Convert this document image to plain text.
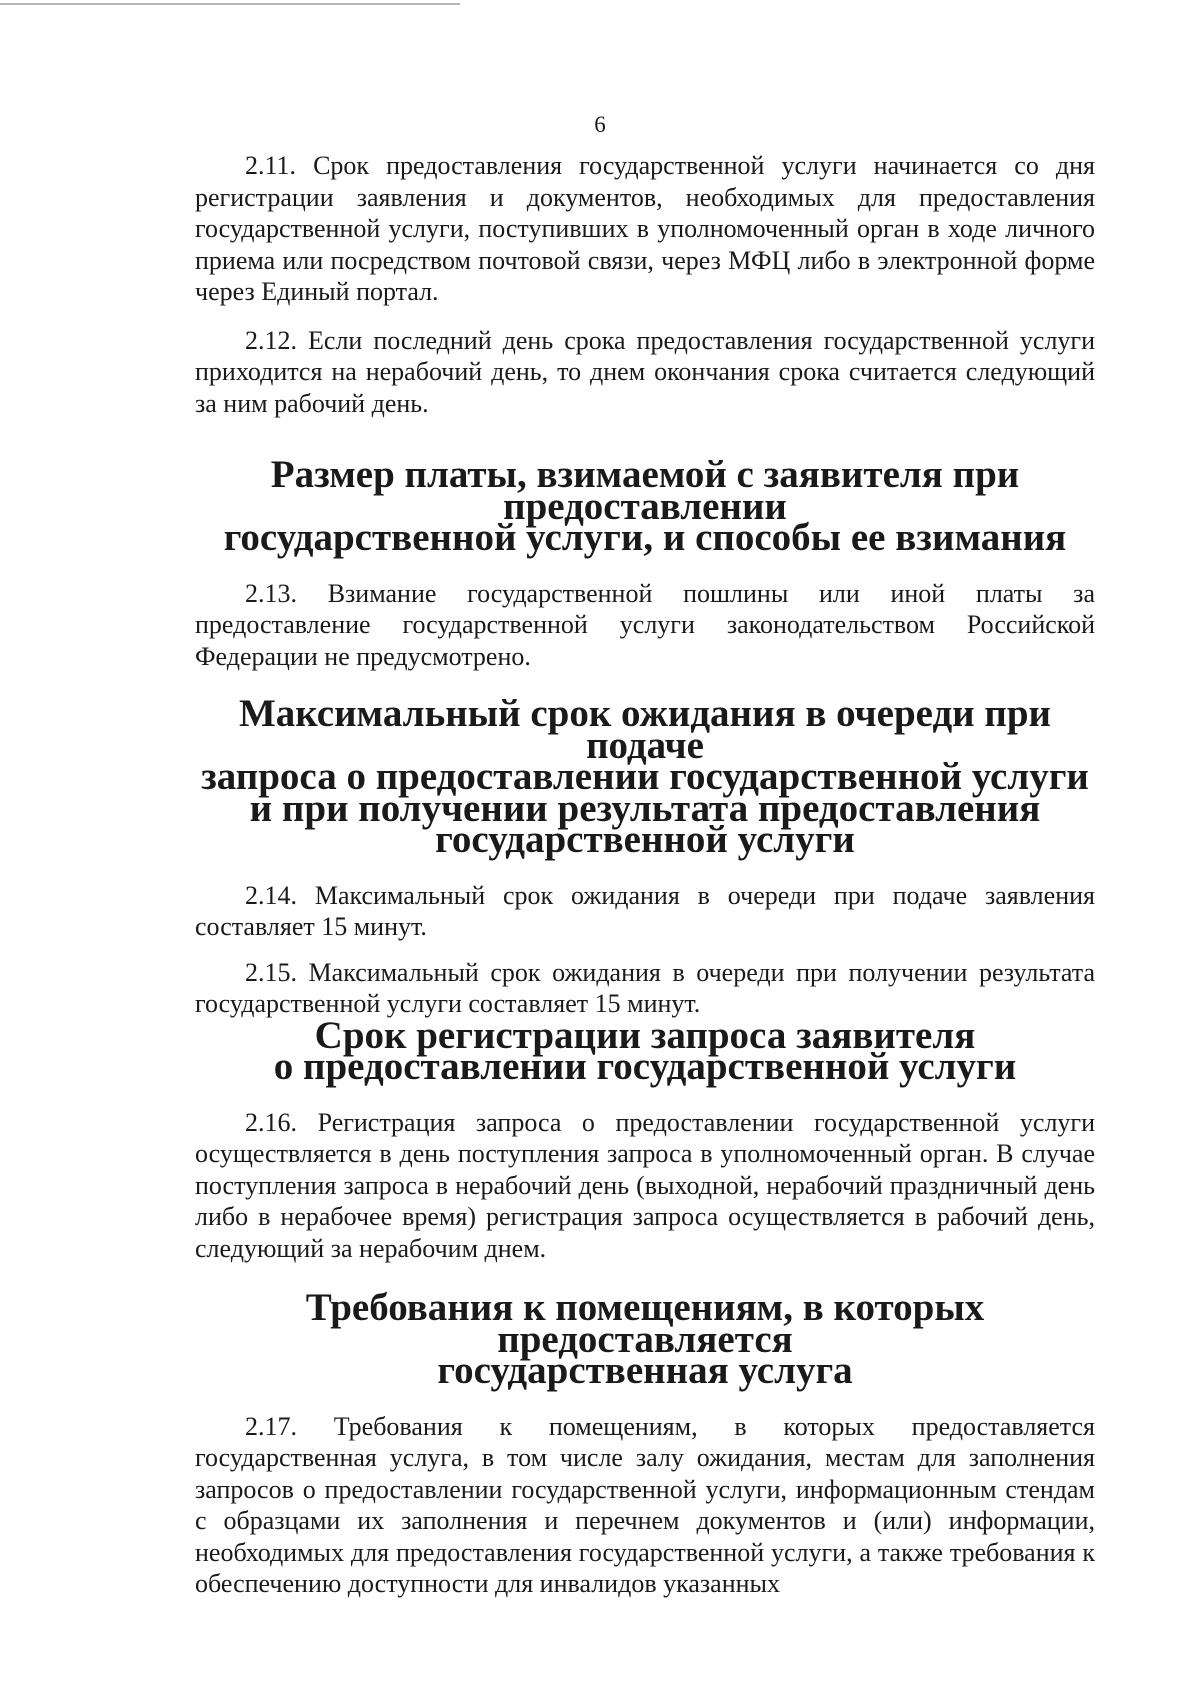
6

2.11. Срок предоставления государственной услуги начинается со дня регистрации заявления и документов, необходимых для предоставления государственной услуги, поступивших в уполномоченный орган в ходе личного приема или посредством почтовой связи, через МФЦ либо в электронной форме через Единый портал.

2.12. Если последний день срока предоставления государственной услуги приходится на нерабочий день, то днем окончания срока считается следующий за ним рабочий день.

Размер платы, взимаемой с заявителя при предоставлении
государственной услуги, и способы ее взимания

2.13. Взимание государственной пошлины или иной платы за предоставление государственной услуги законодательством Российской Федерации не предусмотрено.

Максимальный срок ожидания в очереди при подаче
запроса о предоставлении государственной услуги
и при получении результата предоставления
государственной услуги

2.14. Максимальный срок ожидания в очереди при подаче заявления составляет 15 минут.

2.15. Максимальный срок ожидания в очереди при получении результата государственной услуги составляет 15 минут.

Срок регистрации запроса заявителя
о предоставлении государственной услуги

2.16. Регистрация запроса о предоставлении государственной услуги осуществляется в день поступления запроса в уполномоченный орган. В случае поступления запроса в нерабочий день (выходной, нерабочий праздничный день либо в нерабочее время) регистрация запроса осуществляется в рабочий день, следующий за нерабочим днем.

Требования к помещениям, в которых предоставляется
государственная услуга

2.17. Требования к помещениям, в которых предоставляется государственная услуга, в том числе залу ожидания, местам для заполнения запросов о предоставлении государственной услуги, информационным стендам с образцами их заполнения и перечнем документов и (или) информации, необходимых для предоставления государственной услуги, а также требования к обеспечению доступности для инвалидов указанных
